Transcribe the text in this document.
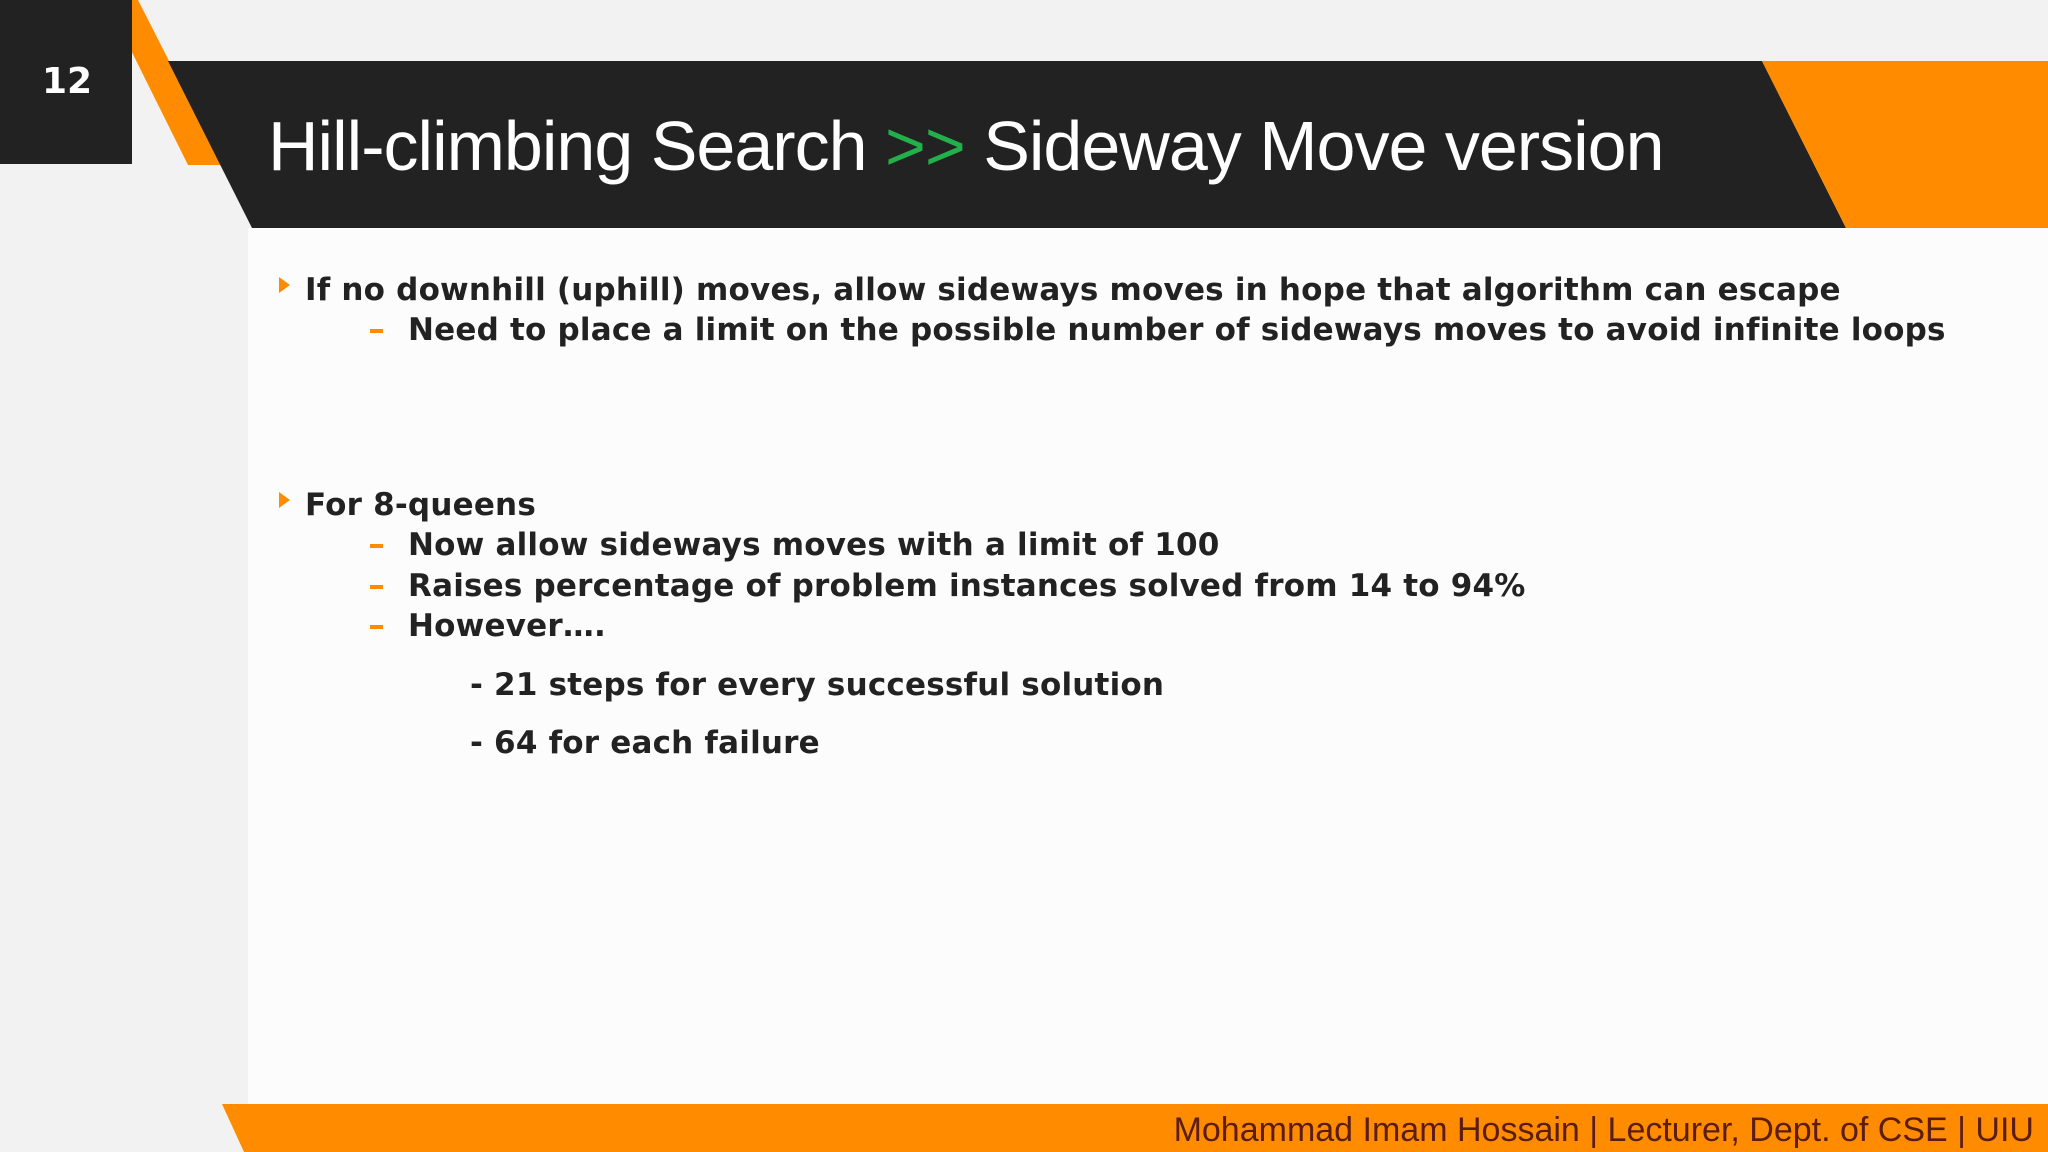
12
Hill-climbing Search >> Sideway Move version
If no downhill (uphill) moves, allow sideways moves in hope that algorithm can escape
Need to place a limit on the possible number of sideways moves to avoid infinite loops
For 8-queens
Now allow sideways moves with a limit of 100
Raises percentage of problem instances solved from 14 to 94%
However….
- 21 steps for every successful solution
- 64 for each failure
Mohammad Imam Hossain | Lecturer, Dept. of CSE | UIU
